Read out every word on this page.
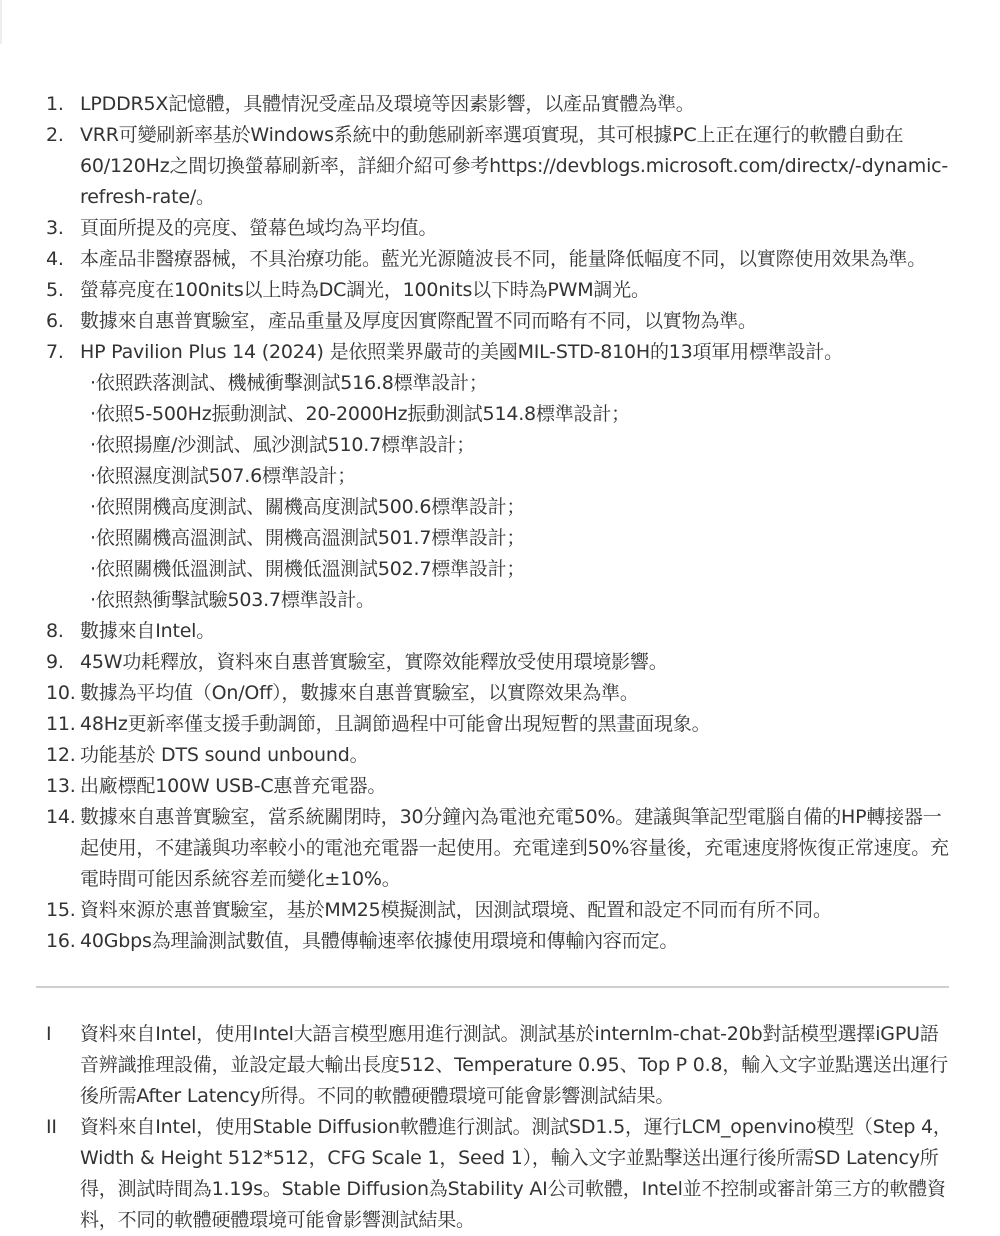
1. LPDDR5X記憶體，具體情況受產品及環境等因素影響，以產品實體為準。
2. VRR可變刷新率基於Windows系統中的動態刷新率選項實現，其可根據PC上正在運行的軟體自動在60/120Hz之間切換螢幕刷新率，詳細介紹可參考https://devblogs.microsoft.com/directx/-dynamic-refresh-rate/。
3. 頁面所提及的亮度、螢幕色域均為平均值。
4. 本產品非醫療器械，不具治療功能。藍光光源隨波長不同，能量降低幅度不同，以實際使用效果為準。
5. 螢幕亮度在100nits以上時為DC調光，100nits以下時為PWM調光。
6. 數據來自惠普實驗室，產品重量及厚度因實際配置不同而略有不同，以實物為準。
7. HP Pavilion Plus 14 (2024) 是依照業界嚴苛的美國MIL-STD-810H的13項軍用標準設計。
·依照跌落測試、機械衝擊測試516.8標準設計；
·依照5-500Hz振動測試、20-2000Hz振動測試514.8標準設計；
·依照揚塵/沙測試、風沙測試510.7標準設計；
·依照濕度測試507.6標準設計；
·依照開機高度測試、關機高度測試500.6標準設計；
·依照關機高溫測試、開機高溫測試501.7標準設計；
·依照關機低溫測試、開機低溫測試502.7標準設計；
·依照熱衝擊試驗503.7標準設計。
8. 數據來自Intel。
9. 45W功耗釋放，資料來自惠普實驗室，實際效能釋放受使用環境影響。
10. 數據為平均值（On/Off），數據來自惠普實驗室，以實際效果為準。
11. 48Hz更新率僅支援手動調節，且調節過程中可能會出現短暫的黑畫面現象。
12. 功能基於 DTS sound unbound。
13. 出廠標配100W USB-C惠普充電器。
14. 數據來自惠普實驗室，當系統關閉時，30分鐘內為電池充電50%。建議與筆記型電腦自備的HP轉接器一起使用，不建議與功率較小的電池充電器一起使用。充電達到50%容量後，充電速度將恢復正常速度。充電時間可能因系統容差而變化±10%。
15. 資料來源於惠普實驗室，基於MM25模擬測試，因測試環境、配置和設定不同而有所不同。
16. 40Gbps為理論測試數值，具體傳輸速率依據使用環境和傳輸內容而定。
I 資料來自Intel，使用Intel大語言模型應用進行測試。測試基於internlm-chat-20b對話模型選擇iGPU語音辨識推理設備，並設定最大輸出長度512、Temperature 0.95、Top P 0.8，輸入文字並點選送出運行後所需After Latency所得。不同的軟體硬體環境可能會影響測試結果。
II 資料來自Intel，使用Stable Diffusion軟體進行測試。測試SD1.5，運行LCM_openvino模型（Step 4，Width & Height 512*512，CFG Scale 1，Seed 1），輸入文字並點擊送出運行後所需SD Latency所得，測試時間為1.19s。Stable Diffusion為Stability AI公司軟體，Intel並不控制或審計第三方的軟體資料，不同的軟體硬體環境可能會影響測試結果。
